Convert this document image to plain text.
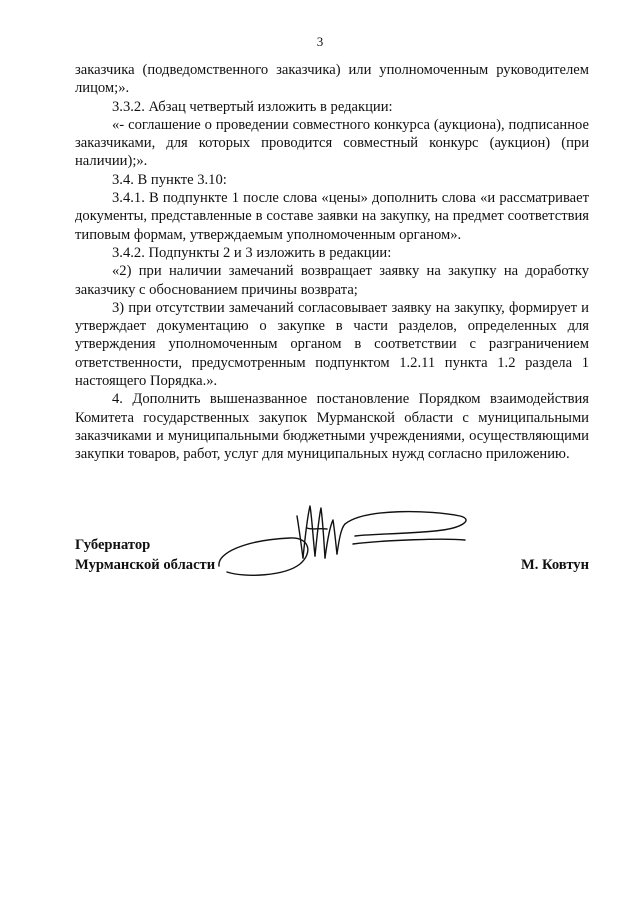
3

заказчика (подведомственного заказчика) или уполномоченным руководителем лицом;».

3.3.2. Абзац четвертый изложить в редакции:

«- соглашение о проведении совместного конкурса (аукциона), подписанное заказчиками, для которых проводится совместный конкурс (аукцион) (при наличии);».

3.4. В пункте 3.10:

3.4.1. В подпункте 1 после слова «цены» дополнить слова «и рассматривает документы, представленные в составе заявки на закупку, на предмет соответствия типовым формам, утверждаемым уполномоченным органом».

3.4.2. Подпункты 2 и 3 изложить в редакции:

«2) при наличии замечаний возвращает заявку на закупку на доработку заказчику с обоснованием причины возврата;

3) при отсутствии замечаний согласовывает заявку на закупку, формирует и утверждает документацию о закупке в части разделов, определенных для утверждения уполномоченным органом в соответствии с разграничением ответственности, предусмотренным подпунктом 1.2.11 пункта 1.2 раздела 1 настоящего Порядка.».

4. Дополнить вышеназванное постановление Порядком взаимодействия Комитета государственных закупок Мурманской области с муниципальными заказчиками и муниципальными бюджетными учреждениями, осуществляющими закупки товаров, работ, услуг для муниципальных нужд согласно приложению.

Губернатор
Мурманской области	М. Ковтун
